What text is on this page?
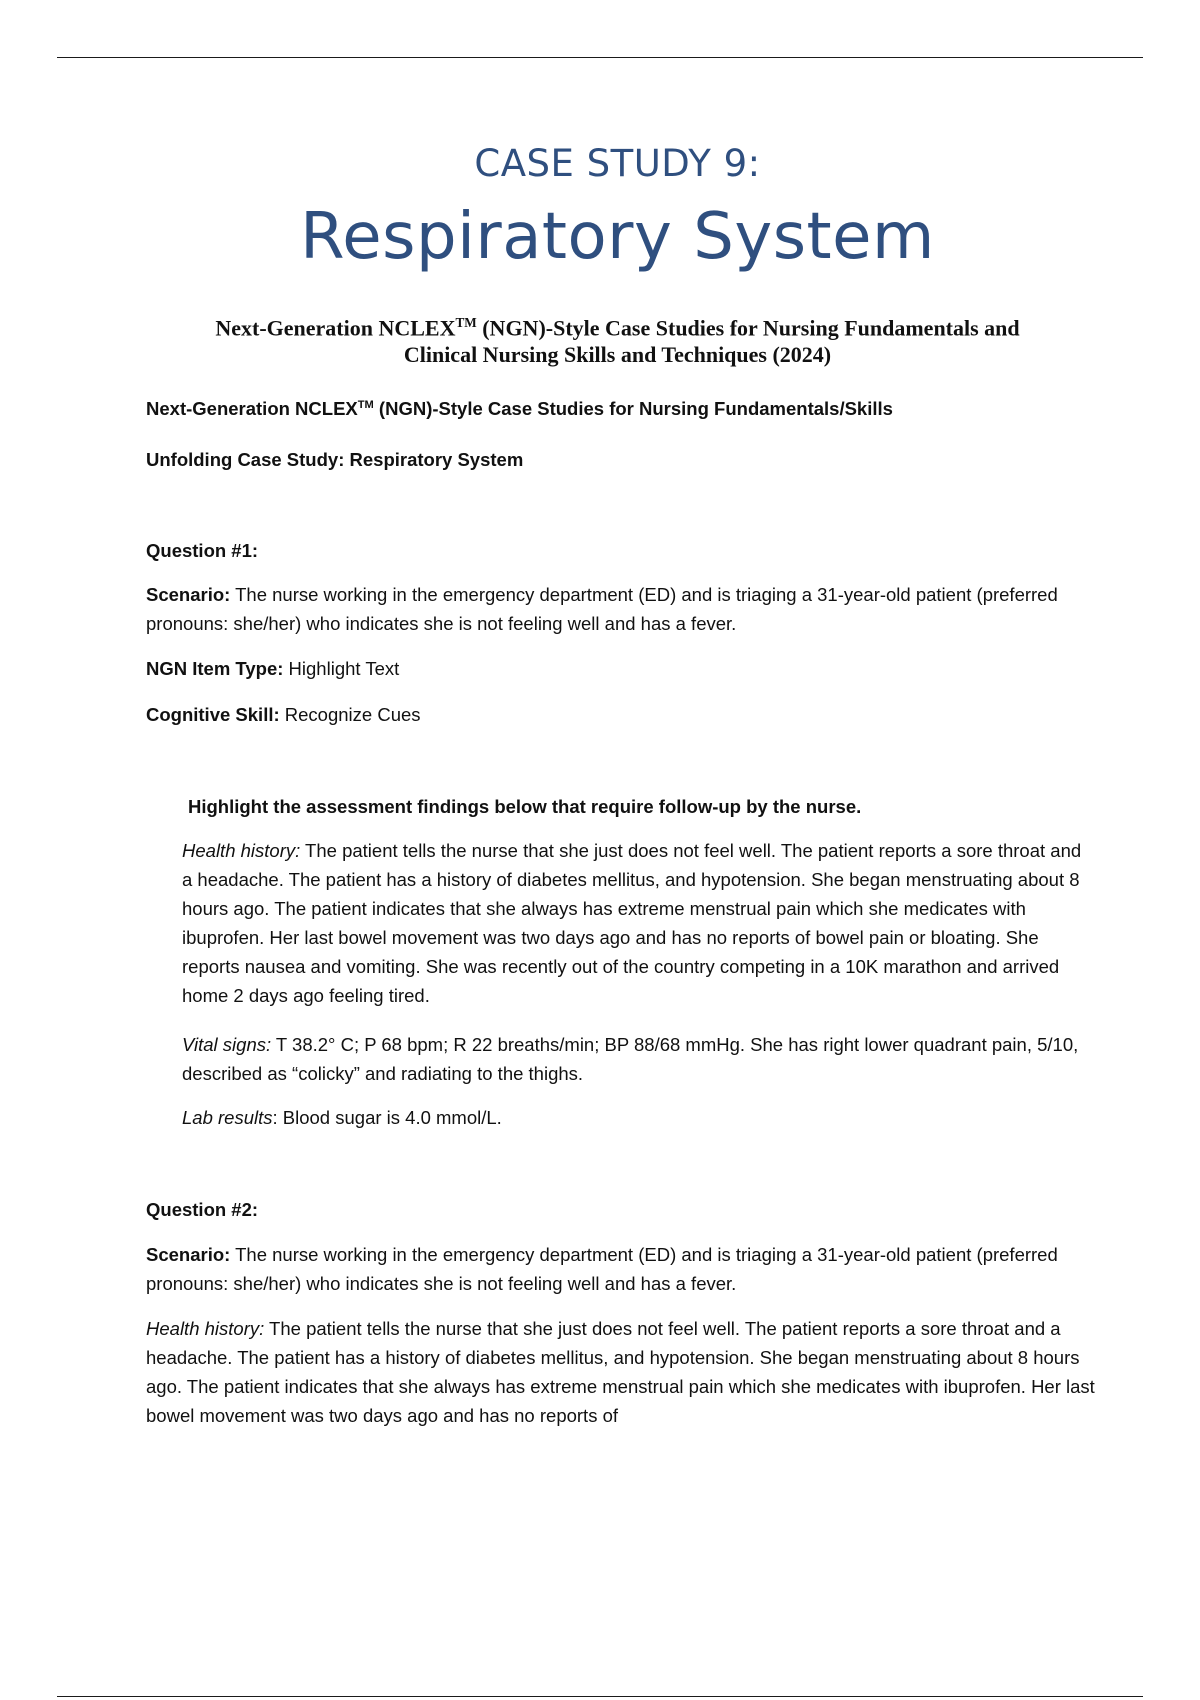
CASE STUDY 9:
Respiratory System

Next-Generation NCLEX™ (NGN)-Style Case Studies for Nursing Fundamentals and
Clinical Nursing Skills and Techniques (2024)

Next-Generation NCLEX™ (NGN)-Style Case Studies for Nursing Fundamentals/Skills

Unfolding Case Study: Respiratory System

Question #1:

Scenario: The nurse working in the emergency department (ED) and is triaging a 31-year-old patient (preferred pronouns: she/her) who indicates she is not feeling well and has a fever.

NGN Item Type: Highlight Text

Cognitive Skill: Recognize Cues

Highlight the assessment findings below that require follow-up by the nurse.

Health history: The patient tells the nurse that she just does not feel well. The patient reports a sore throat and a headache. The patient has a history of diabetes mellitus, and hypotension. She began menstruating about 8 hours ago. The patient indicates that she always has extreme menstrual pain which she medicates with ibuprofen. Her last bowel movement was two days ago and has no reports of bowel pain or bloating. She reports nausea and vomiting. She was recently out of the country competing in a 10K marathon and arrived home 2 days ago feeling tired.

Vital signs: T 38.2° C; P 68 bpm; R 22 breaths/min; BP 88/68 mmHg. She has right lower quadrant pain, 5/10, described as “colicky” and radiating to the thighs.

Lab results: Blood sugar is 4.0 mmol/L.

Question #2:

Scenario: The nurse working in the emergency department (ED) and is triaging a 31-year-old patient (preferred pronouns: she/her) who indicates she is not feeling well and has a fever.

Health history: The patient tells the nurse that she just does not feel well. The patient reports a sore throat and a headache. The patient has a history of diabetes mellitus, and hypotension. She began menstruating about 8 hours ago. The patient indicates that she always has extreme menstrual pain which she medicates with ibuprofen. Her last bowel movement was two days ago and has no reports of
